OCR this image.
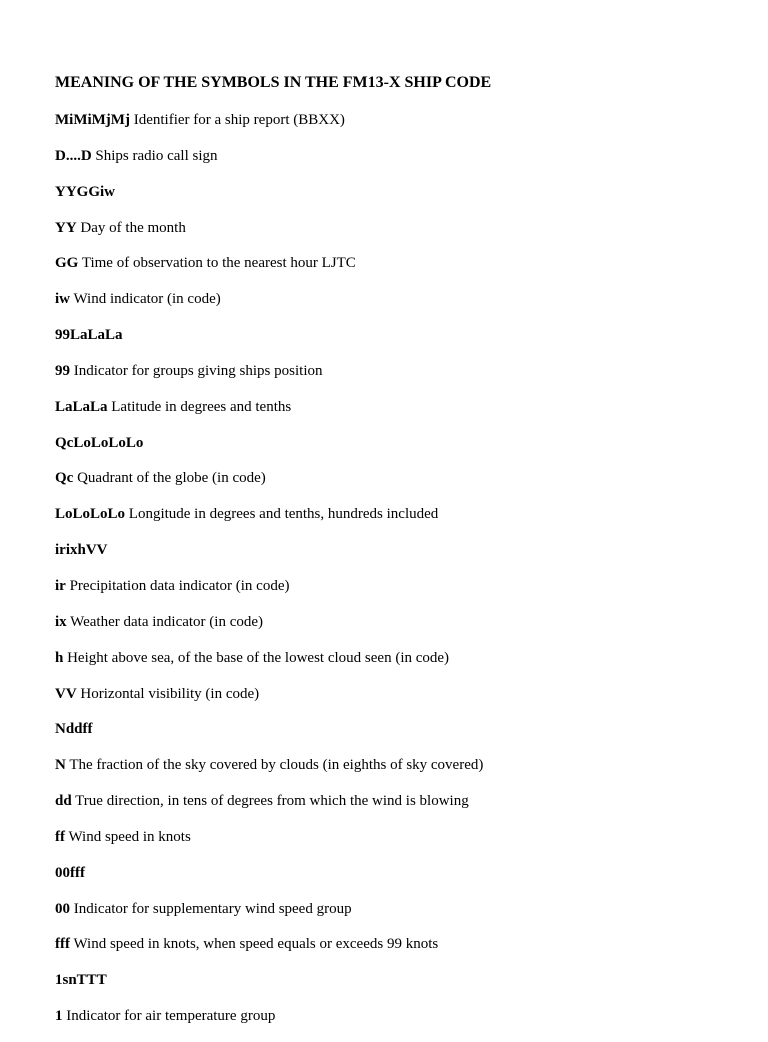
MEANING OF THE SYMBOLS IN THE FM13-X SHIP CODE
MiMiMjMj Identifier for a ship report (BBXX)
D....D Ships radio call sign
YYGGiw
YY Day of the month
GG Time of observation to the nearest hour LJTC
iw Wind indicator (in code)
99LaLaLa
99 Indicator for groups giving ships position
LaLaLa Latitude in degrees and tenths
QcLoLoLoLo
Qc Quadrant of the globe (in code)
LoLoLoLo Longitude in degrees and tenths, hundreds included
irixhVV
ir Precipitation data indicator (in code)
ix Weather data indicator (in code)
h Height above sea, of the base of the lowest cloud seen (in code)
VV Horizontal visibility (in code)
Nddff
N The fraction of the sky covered by clouds (in eighths of sky covered)
dd True direction, in tens of degrees from which the wind is blowing
ff Wind speed in knots
00fff
00 Indicator for supplementary wind speed group
fff Wind speed in knots, when speed equals or exceeds 99 knots
1snTTT
1 Indicator for air temperature group
